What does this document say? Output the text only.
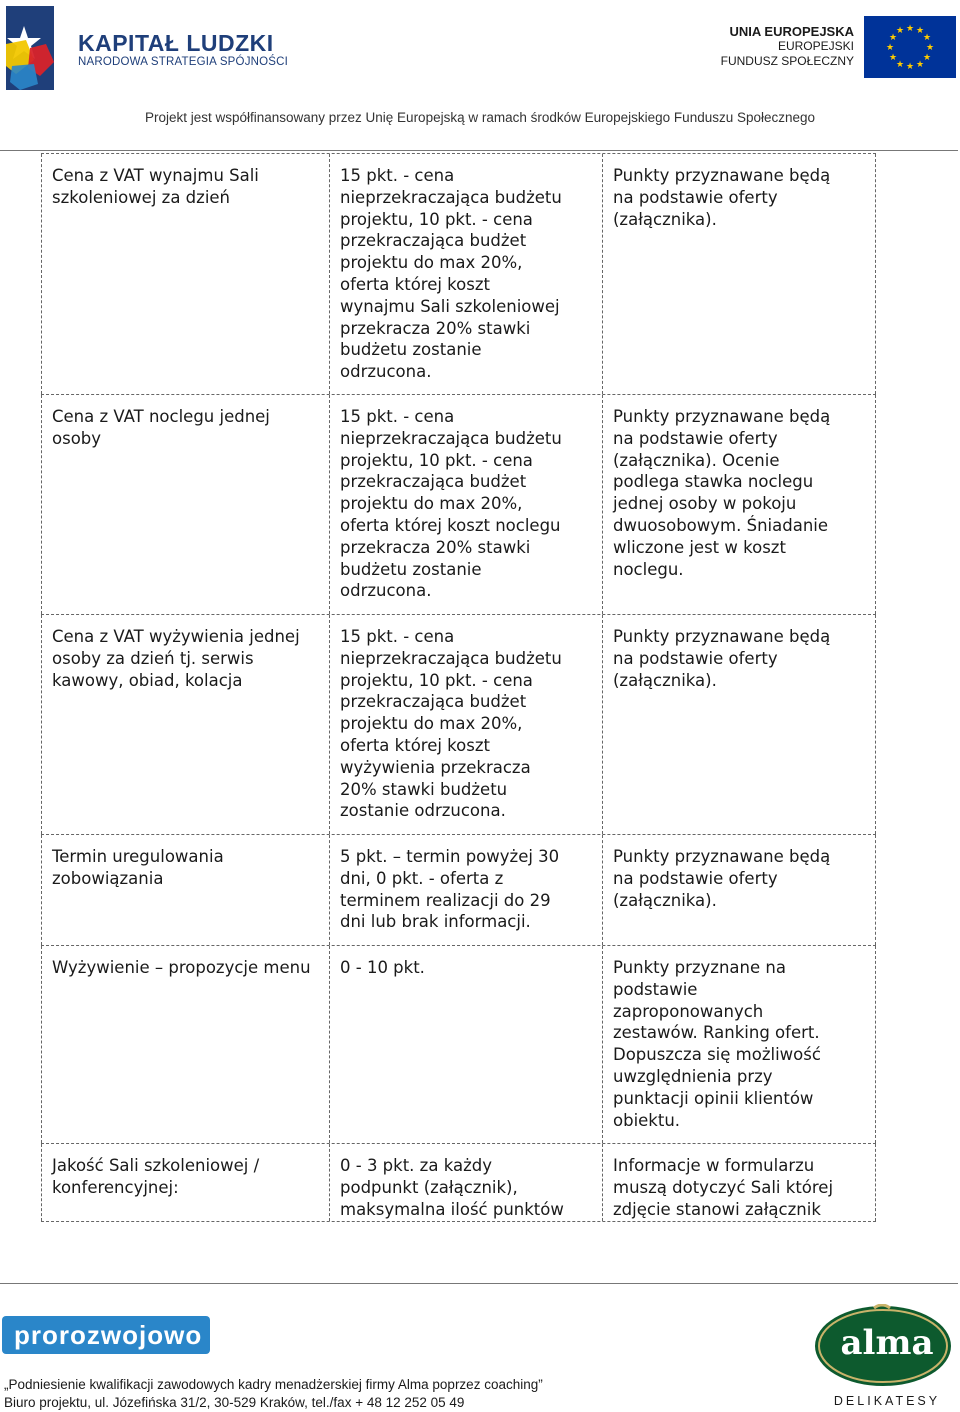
KAPITAŁ LUDZKI
NARODOWA STRATEGIA SPÓJNOŚCI
UNIA EUROPEJSKA
EUROPEJSKI
FUNDUSZ SPOŁECZNY
★ ★
★
★
★
★
★
★
★
★
★
★
Projekt jest współfinansowany przez Unię Europejską w ramach środków Europejskiego Funduszu Społecznego
Cena z VAT wynajmu Sali szkoleniowej za dzień
15 pkt. - cena
nieprzekraczająca budżetu
projektu, 10 pkt. - cena
przekraczająca budżet
projektu do max 20%,
oferta której koszt
wynajmu Sali szkoleniowej
przekracza 20% stawki
budżetu zostanie
odrzucona.
Punkty przyznawane będą
na podstawie oferty
(załącznika).
Cena z VAT noclegu jednej osoby
15 pkt. - cena
nieprzekraczająca budżetu
projektu, 10 pkt. - cena
przekraczająca budżet
projektu do max 20%,
oferta której koszt noclegu
przekracza 20% stawki
budżetu zostanie
odrzucona.
Punkty przyznawane będą
na podstawie oferty
(załącznika). Ocenie
podlega stawka noclegu
jednej osoby w pokoju
dwuosobowym. Śniadanie
wliczone jest w koszt
noclegu.
Cena z VAT wyżywienia jednej osoby za dzień tj. serwis kawowy, obiad, kolacja
15 pkt. - cena
nieprzekraczająca budżetu
projektu, 10 pkt. - cena
przekraczająca budżet
projektu do max 20%,
oferta której koszt
wyżywienia przekracza
20% stawki budżetu
zostanie odrzucona.
Punkty przyznawane będą
na podstawie oferty
(załącznika).
Termin uregulowania zobowiązania
5 pkt. – termin powyżej 30
dni, 0 pkt. - oferta z
terminem realizacji do 29
dni lub brak informacji.
Punkty przyznawane będą
na podstawie oferty
(załącznika).
Wyżywienie – propozycje menu	0 - 10 pkt.	Punkty przyznane na
podstawie
zaproponowanych
zestawów. Ranking ofert.
Dopuszcza się możliwość
uwzględnienia przy
punktacji opinii klientów
obiektu.
Jakość Sali szkoleniowej / konferencyjnej:
0 - 3 pkt. za każdy
podpunkt (załącznik),
maksymalna ilość punktów
Informacje w formularzu
muszą dotyczyć Sali której
zdjęcie stanowi załącznik
prorozwojowo
„Podniesienie kwalifikacji zawodowych kadry menadżerskiej firmy Alma poprzez coaching”
Biuro projektu, ul. Józefińska 31/2, 30-529 Kraków, tel./fax + 48 12 252 05 49
alma
DELIKATESY
